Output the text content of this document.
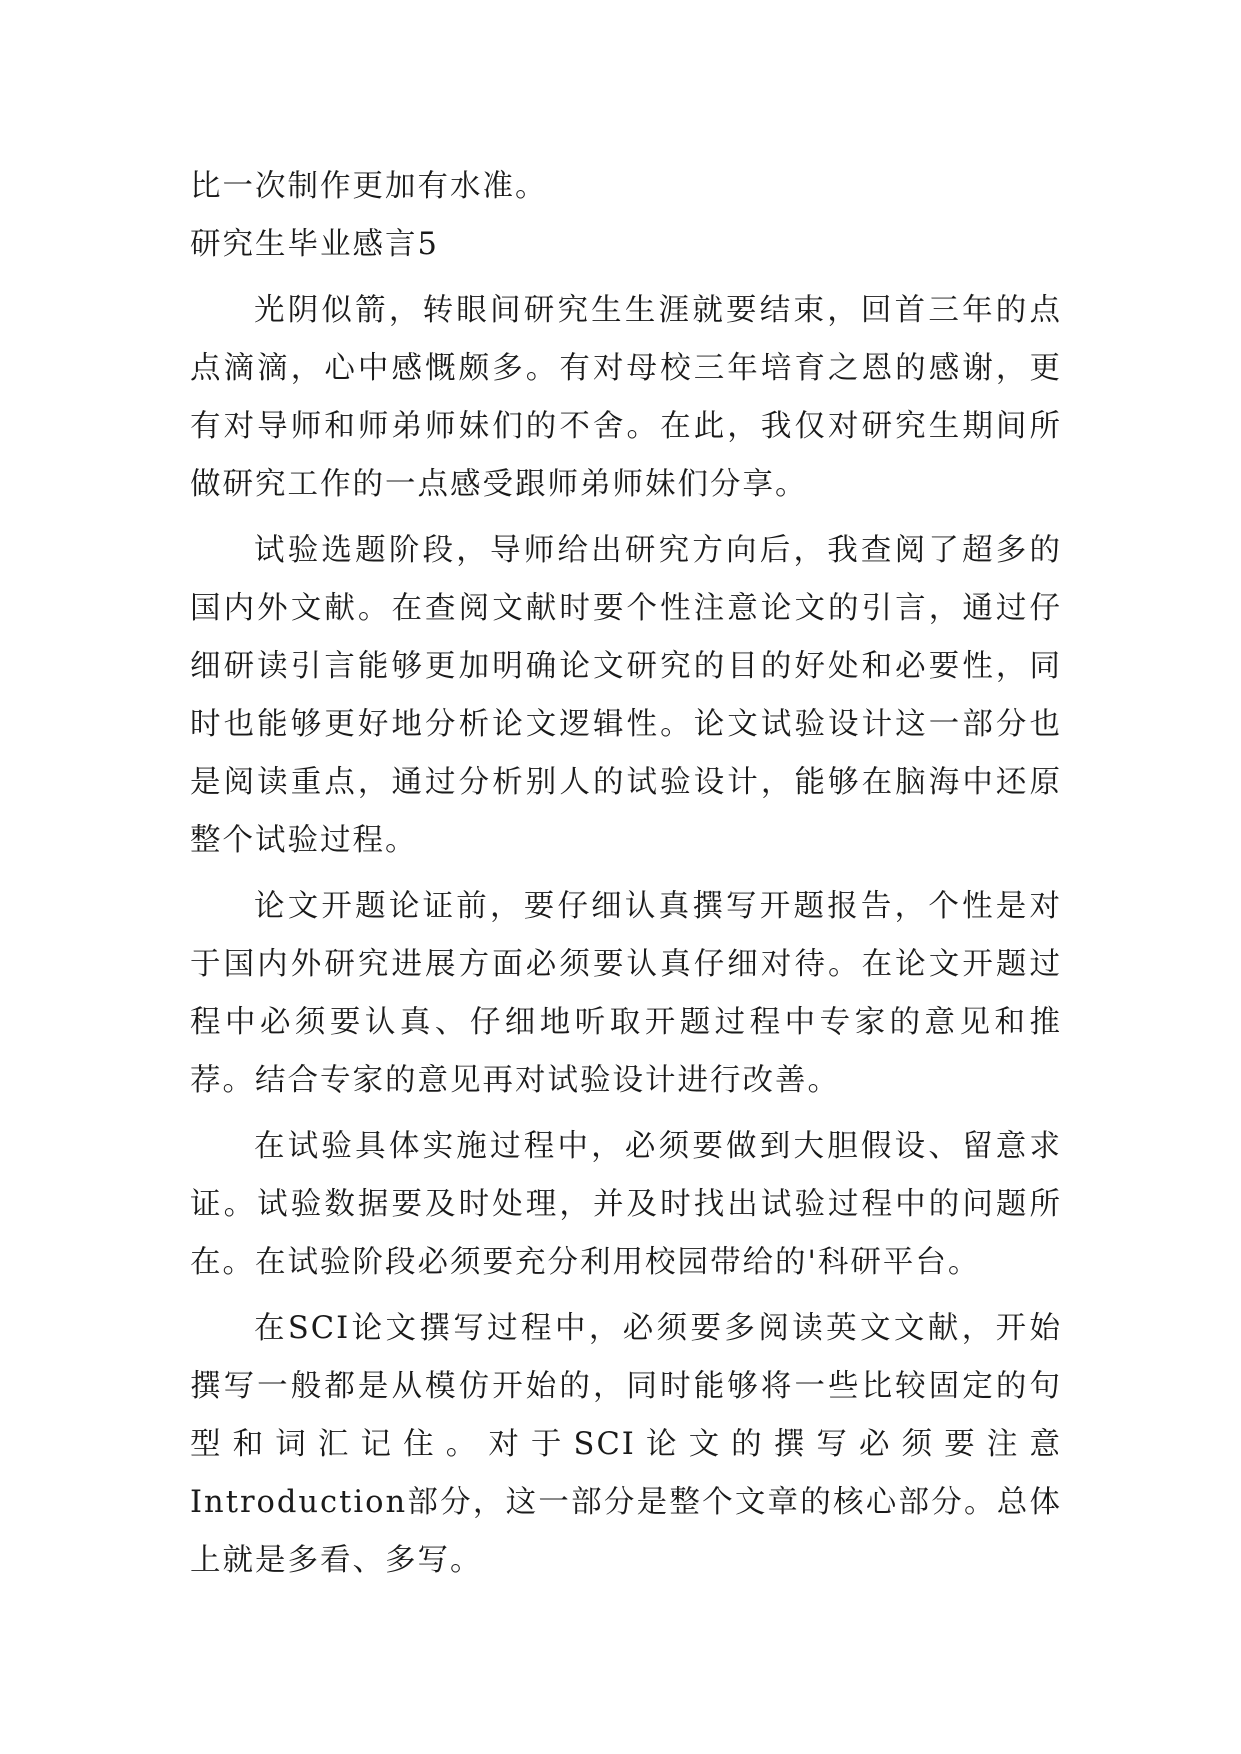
比一次制作更加有水准。

研究生毕业感言5

光阴似箭，转眼间研究生生涯就要结束，回首三年的点点滴滴，心中感慨颇多。有对母校三年培育之恩的感谢，更有对导师和师弟师妹们的不舍。在此，我仅对研究生期间所做研究工作的一点感受跟师弟师妹们分享。

试验选题阶段，导师给出研究方向后，我查阅了超多的国内外文献。在查阅文献时要个性注意论文的引言，通过仔细研读引言能够更加明确论文研究的目的好处和必要性，同时也能够更好地分析论文逻辑性。论文试验设计这一部分也是阅读重点，通过分析别人的试验设计，能够在脑海中还原整个试验过程。

论文开题论证前，要仔细认真撰写开题报告，个性是对于国内外研究进展方面必须要认真仔细对待。在论文开题过程中必须要认真、仔细地听取开题过程中专家的意见和推荐。结合专家的意见再对试验设计进行改善。

在试验具体实施过程中，必须要做到大胆假设、留意求证。试验数据要及时处理，并及时找出试验过程中的问题所在。在试验阶段必须要充分利用校园带给的'科研平台。

在SCI论文撰写过程中，必须要多阅读英文文献，开始撰写一般都是从模仿开始的，同时能够将一些比较固定的句型和词汇记住。对于SCI论文的撰写必须要注意Introduction部分，这一部分是整个文章的核心部分。总体上就是多看、多写。
